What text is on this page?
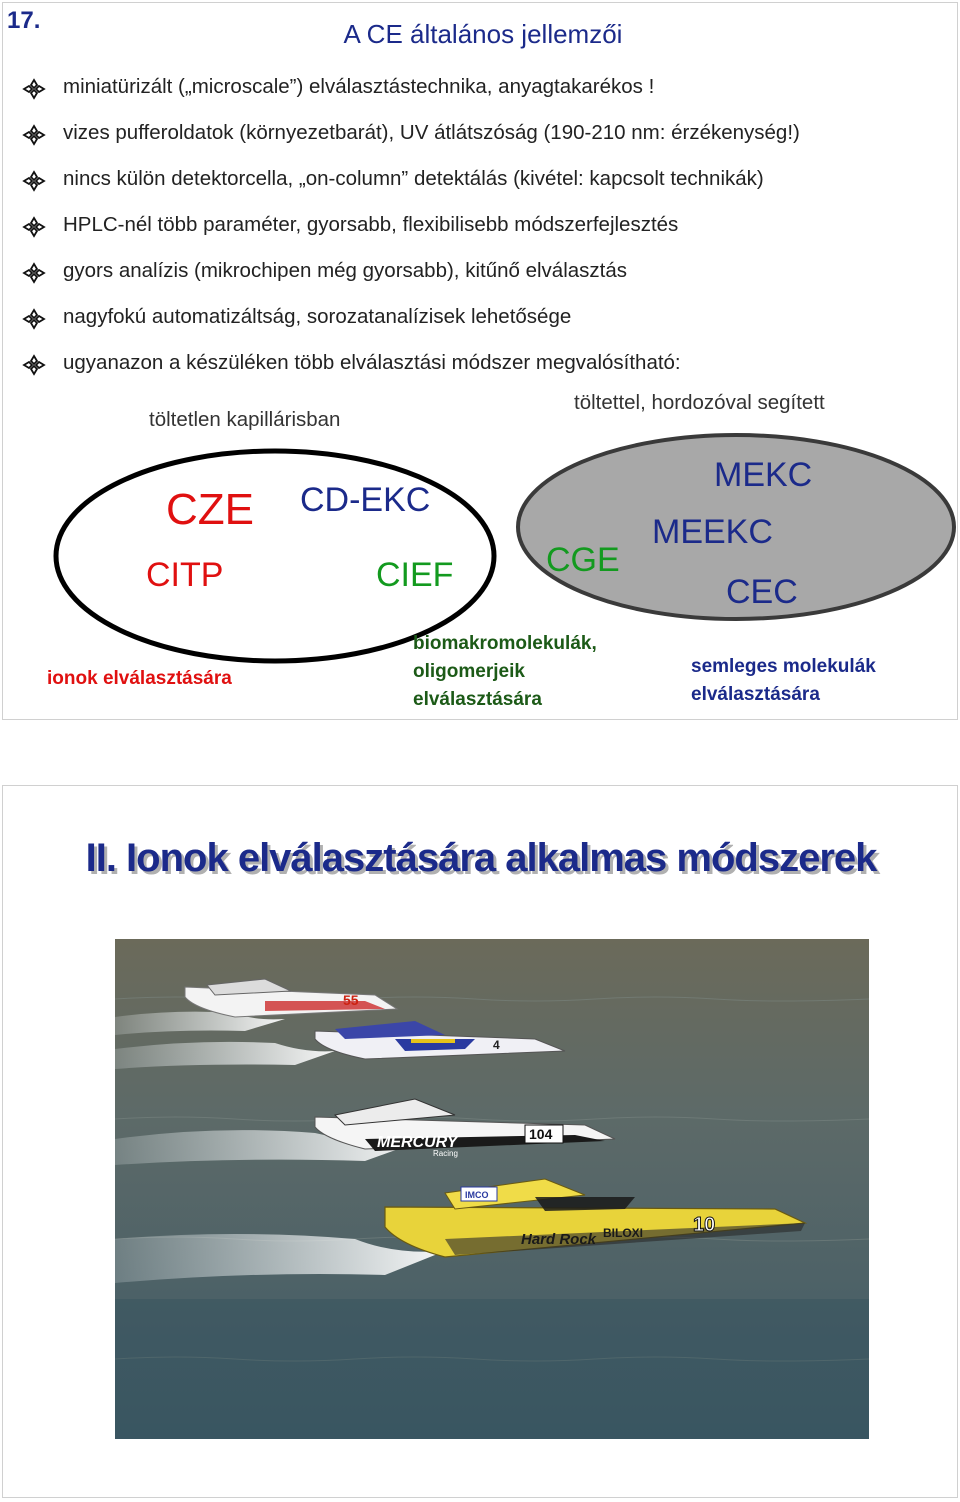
17.	A CE általános jellemzői
miniatürizált („microscale”) elválasztástechnika, anyagtakarékos !
vizes pufferoldatok (környezetbarát), UV átlátszóság (190-210 nm: érzékenység!)
nincs külön detektorcella, „on-column” detektálás (kivétel: kapcsolt technikák)
HPLC-nél több paraméter, gyorsabb, flexibilisebb módszerfejlesztés
gyors analízis (mikrochipen még gyorsabb), kitűnő elválasztás
nagyfokú automatizáltság, sorozatanalízisek lehetősége
ugyanazon a készüléken több elválasztási módszer megvalósítható:
töltetlen kapillárisban
töltettel, hordozóval segített
CZE
CITP
CD-EKC
CIEF	CGE
MEKC
MEEKC
CEC
ionok elválasztására
biomakromolekulák,
oligomerjeik
elválasztására
semleges molekulák
elválasztására
II. Ionok elválasztására alkalmas módszerek
55
4
MERCURY
Racing
104
IMCO
Hard Rock BILOXI 10
